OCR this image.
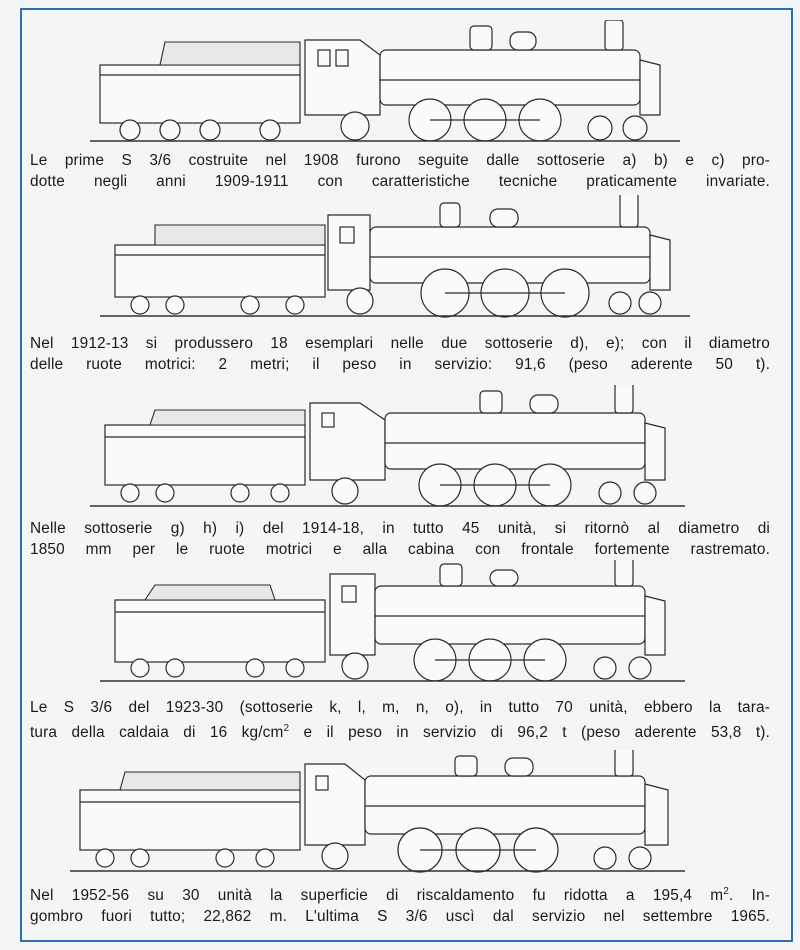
Le prime S 3/6 costruite nel 1908 furono seguite dalle sottoserie a) b) e c) pro-
dotte negli anni 1909-1911 con caratteristiche tecniche praticamente invariate.
Nel 1912-13 si produssero 18 esemplari nelle due sottoserie d), e); con il diametro
delle ruote motrici: 2 metri; il peso in servizio: 91,6 (peso aderente 50 t).
Nelle sottoserie g) h) i) del 1914-18, in tutto 45 unità, si ritornò al diametro di
1850 mm per le ruote motrici e alla cabina con frontale fortemente rastremato.
Le S 3/6 del 1923-30 (sottoserie k, l, m, n, o), in tutto 70 unità, ebbero la tara-
tura della caldaia di 16 $kg/cm^2$ e il peso in servizio di 96,2 t (peso aderente 53,8 t).
Nel 1952-56 su 30 unità la superficie di riscaldamento fu ridotta a 195,4 $m^2$. In-
gombro fuori tutto; 22,862 m. L'ultima S 3/6 uscì dal servizio nel settembre 1965.
